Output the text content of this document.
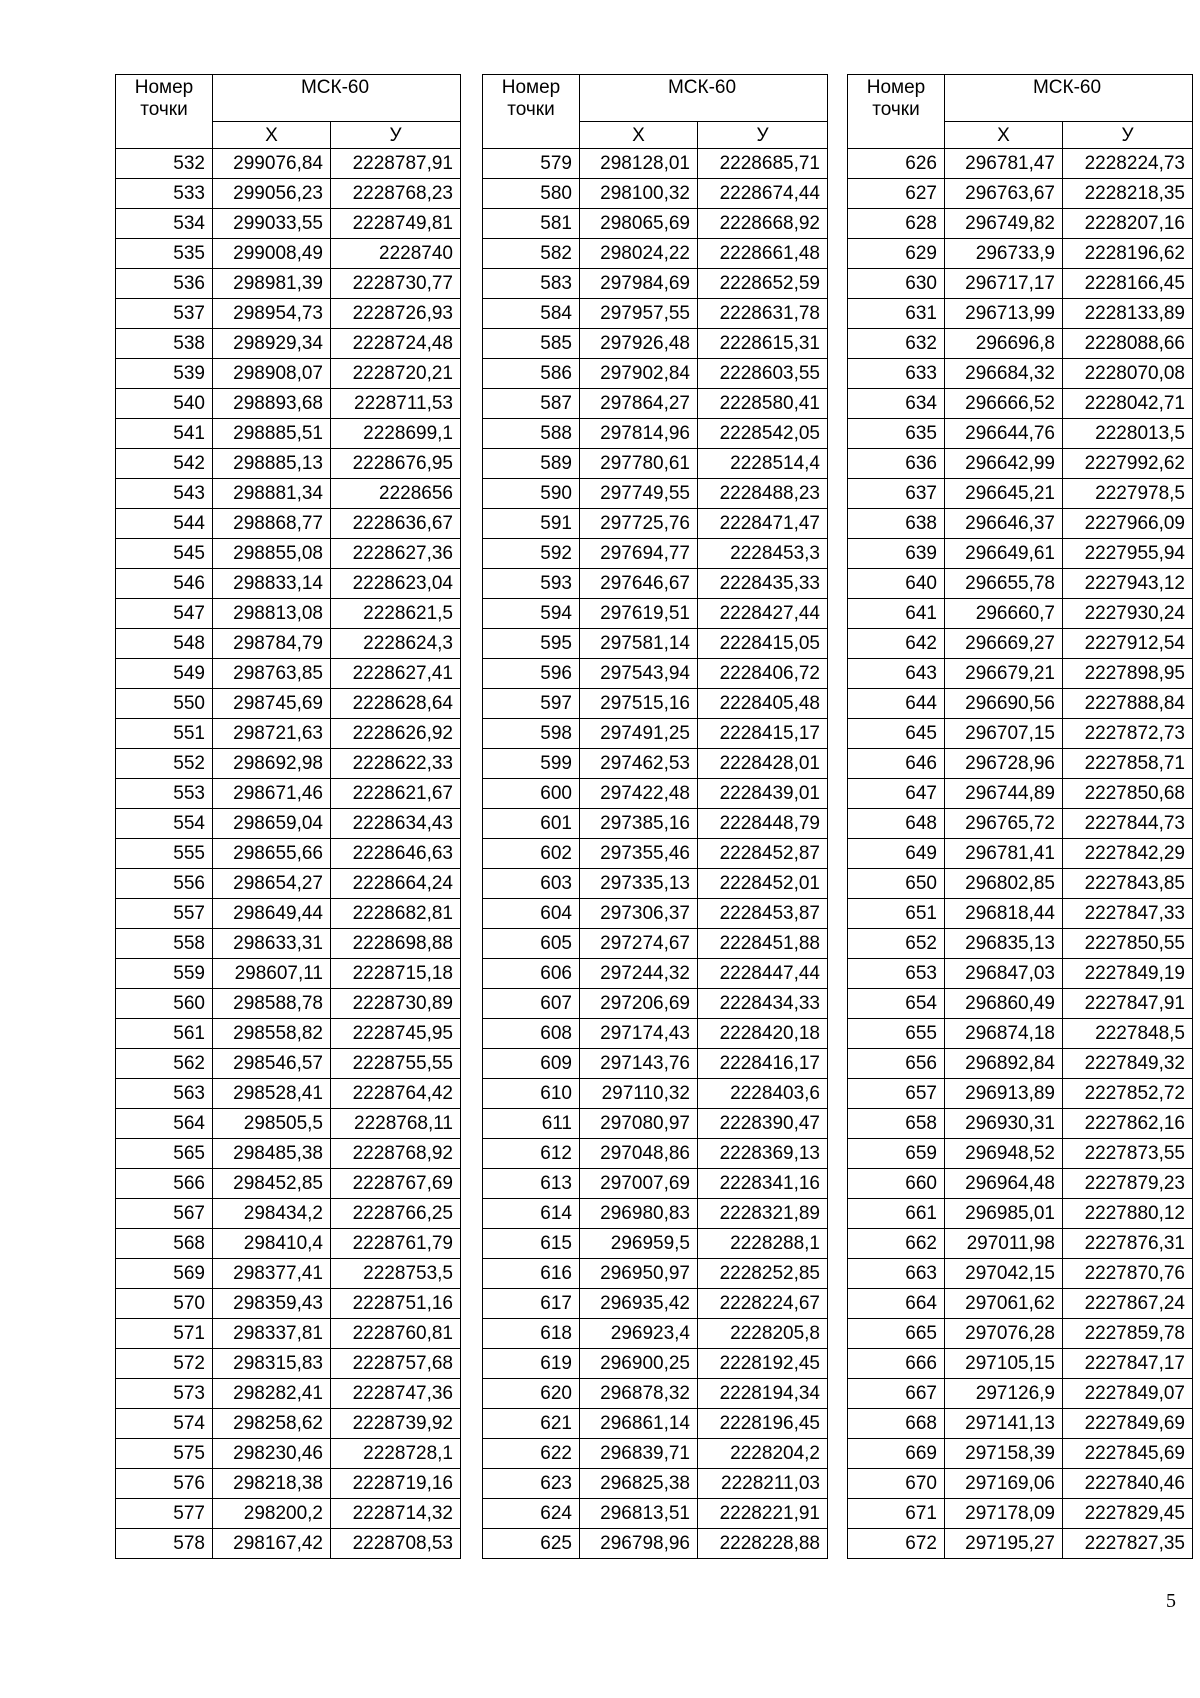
Номер точки	МСК-60	
	Х	У
532	299076,84	2228787,91
533	299056,23	2228768,23
534	299033,55	2228749,81
535	299008,49	2228740
536	298981,39	2228730,77
537	298954,73	2228726,93
538	298929,34	2228724,48
539	298908,07	2228720,21
540	298893,68	2228711,53
541	298885,51	2228699,1
542	298885,13	2228676,95
543	298881,34	2228656
544	298868,77	2228636,67
545	298855,08	2228627,36
546	298833,14	2228623,04
547	298813,08	2228621,5
548	298784,79	2228624,3
549	298763,85	2228627,41
550	298745,69	2228628,64
551	298721,63	2228626,92
552	298692,98	2228622,33
553	298671,46	2228621,67
554	298659,04	2228634,43
555	298655,66	2228646,63
556	298654,27	2228664,24
557	298649,44	2228682,81
558	298633,31	2228698,88
559	298607,11	2228715,18
560	298588,78	2228730,89
561	298558,82	2228745,95
562	298546,57	2228755,55
563	298528,41	2228764,42
564	298505,5	2228768,11
565	298485,38	2228768,92
566	298452,85	2228767,69
567	298434,2	2228766,25
568	298410,4	2228761,79
569	298377,41	2228753,5
570	298359,43	2228751,16
571	298337,81	2228760,81
572	298315,83	2228757,68
573	298282,41	2228747,36
574	298258,62	2228739,92
575	298230,46	2228728,1
576	298218,38	2228719,16
577	298200,2	2228714,32
578	298167,42	2228708,53
Номер точки	МСК-60	
	Х	У
579	298128,01	2228685,71
580	298100,32	2228674,44
581	298065,69	2228668,92
582	298024,22	2228661,48
583	297984,69	2228652,59
584	297957,55	2228631,78
585	297926,48	2228615,31
586	297902,84	2228603,55
587	297864,27	2228580,41
588	297814,96	2228542,05
589	297780,61	2228514,4
590	297749,55	2228488,23
591	297725,76	2228471,47
592	297694,77	2228453,3
593	297646,67	2228435,33
594	297619,51	2228427,44
595	297581,14	2228415,05
596	297543,94	2228406,72
597	297515,16	2228405,48
598	297491,25	2228415,17
599	297462,53	2228428,01
600	297422,48	2228439,01
601	297385,16	2228448,79
602	297355,46	2228452,87
603	297335,13	2228452,01
604	297306,37	2228453,87
605	297274,67	2228451,88
606	297244,32	2228447,44
607	297206,69	2228434,33
608	297174,43	2228420,18
609	297143,76	2228416,17
610	297110,32	2228403,6
611	297080,97	2228390,47
612	297048,86	2228369,13
613	297007,69	2228341,16
614	296980,83	2228321,89
615	296959,5	2228288,1
616	296950,97	2228252,85
617	296935,42	2228224,67
618	296923,4	2228205,8
619	296900,25	2228192,45
620	296878,32	2228194,34
621	296861,14	2228196,45
622	296839,71	2228204,2
623	296825,38	2228211,03
624	296813,51	2228221,91
625	296798,96	2228228,88
Номер точки	МСК-60	
	Х	У
626	296781,47	2228224,73
627	296763,67	2228218,35
628	296749,82	2228207,16
629	296733,9	2228196,62
630	296717,17	2228166,45
631	296713,99	2228133,89
632	296696,8	2228088,66
633	296684,32	2228070,08
634	296666,52	2228042,71
635	296644,76	2228013,5
636	296642,99	2227992,62
637	296645,21	2227978,5
638	296646,37	2227966,09
639	296649,61	2227955,94
640	296655,78	2227943,12
641	296660,7	2227930,24
642	296669,27	2227912,54
643	296679,21	2227898,95
644	296690,56	2227888,84
645	296707,15	2227872,73
646	296728,96	2227858,71
647	296744,89	2227850,68
648	296765,72	2227844,73
649	296781,41	2227842,29
650	296802,85	2227843,85
651	296818,44	2227847,33
652	296835,13	2227850,55
653	296847,03	2227849,19
654	296860,49	2227847,91
655	296874,18	2227848,5
656	296892,84	2227849,32
657	296913,89	2227852,72
658	296930,31	2227862,16
659	296948,52	2227873,55
660	296964,48	2227879,23
661	296985,01	2227880,12
662	297011,98	2227876,31
663	297042,15	2227870,76
664	297061,62	2227867,24
665	297076,28	2227859,78
666	297105,15	2227847,17
667	297126,9	2227849,07
668	297141,13	2227849,69
669	297158,39	2227845,69
670	297169,06	2227840,46
671	297178,09	2227829,45
672	297195,27	2227827,35
5
